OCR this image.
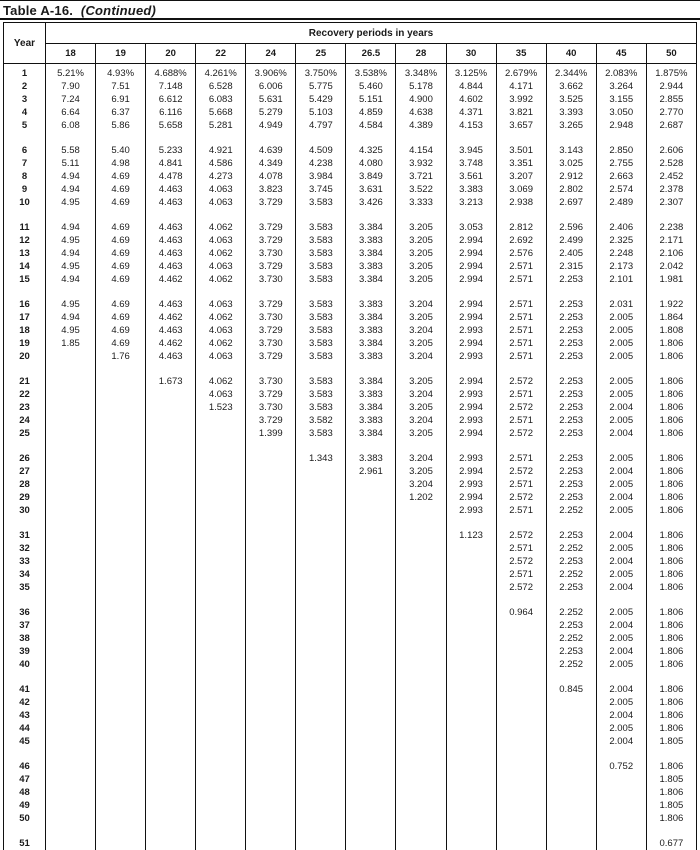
Table A-16. (Continued)
Year	Recovery periods in years												
	18	19	20	22	24	25	26.5	28	30	35	40	45	50

1	5.21%	4.93%	4.688%	4.261%	3.906%	3.750%	3.538%	3.348%	3.125%	2.679%	2.344%	2.083%	1.875%
2	7.90	7.51	7.148	6.528	6.006	5.775	5.460	5.178	4.844	4.171	3.662	3.264	2.944
3	7.24	6.91	6.612	6.083	5.631	5.429	5.151	4.900	4.602	3.992	3.525	3.155	2.855
4	6.64	6.37	6.116	5.668	5.279	5.103	4.859	4.638	4.371	3.821	3.393	3.050	2.770
5	6.08	5.86	5.658	5.281	4.949	4.797	4.584	4.389	4.153	3.657	3.265	2.948	2.687

6	5.58	5.40	5.233	4.921	4.639	4.509	4.325	4.154	3.945	3.501	3.143	2.850	2.606
7	5.11	4.98	4.841	4.586	4.349	4.238	4.080	3.932	3.748	3.351	3.025	2.755	2.528
8	4.94	4.69	4.478	4.273	4.078	3.984	3.849	3.721	3.561	3.207	2.912	2.663	2.452
9	4.94	4.69	4.463	4.063	3.823	3.745	3.631	3.522	3.383	3.069	2.802	2.574	2.378
10	4.95	4.69	4.463	4.063	3.729	3.583	3.426	3.333	3.213	2.938	2.697	2.489	2.307

11	4.94	4.69	4.463	4.062	3.729	3.583	3.384	3.205	3.053	2.812	2.596	2.406	2.238
12	4.95	4.69	4.463	4.063	3.729	3.583	3.383	3.205	2.994	2.692	2.499	2.325	2.171
13	4.94	4.69	4.463	4.062	3.730	3.583	3.384	3.205	2.994	2.576	2.405	2.248	2.106
14	4.95	4.69	4.463	4.063	3.729	3.583	3.383	3.205	2.994	2.571	2.315	2.173	2.042
15	4.94	4.69	4.462	4.062	3.730	3.583	3.384	3.205	2.994	2.571	2.253	2.101	1.981

16	4.95	4.69	4.463	4.063	3.729	3.583	3.383	3.204	2.994	2.571	2.253	2.031	1.922
17	4.94	4.69	4.462	4.062	3.730	3.583	3.384	3.205	2.994	2.571	2.253	2.005	1.864
18	4.95	4.69	4.463	4.063	3.729	3.583	3.383	3.204	2.993	2.571	2.253	2.005	1.808
19	1.85	4.69	4.462	4.062	3.730	3.583	3.384	3.205	2.994	2.571	2.253	2.005	1.806
20		1.76	4.463	4.063	3.729	3.583	3.383	3.204	2.993	2.571	2.253	2.005	1.806

21			1.673	4.062	3.730	3.583	3.384	3.205	2.994	2.572	2.253	2.005	1.806
22				4.063	3.729	3.583	3.383	3.204	2.993	2.571	2.253	2.005	1.806
23				1.523	3.730	3.583	3.384	3.205	2.994	2.572	2.253	2.004	1.806
24					3.729	3.582	3.383	3.204	2.993	2.571	2.253	2.005	1.806
25					1.399	3.583	3.384	3.205	2.994	2.572	2.253	2.004	1.806

26						1.343	3.383	3.204	2.993	2.571	2.253	2.005	1.806
27							2.961	3.205	2.994	2.572	2.253	2.004	1.806
28								3.204	2.993	2.571	2.253	2.005	1.806
29								1.202	2.994	2.572	2.253	2.004	1.806
30									2.993	2.571	2.252	2.005	1.806

31									1.123	2.572	2.253	2.004	1.806
32										2.571	2.252	2.005	1.806
33										2.572	2.253	2.004	1.806
34										2.571	2.252	2.005	1.806
35										2.572	2.253	2.004	1.806

36										0.964	2.252	2.005	1.806
37											2.253	2.004	1.806
38											2.252	2.005	1.806
39											2.253	2.004	1.806
40											2.252	2.005	1.806

41											0.845	2.004	1.806
42												2.005	1.806
43												2.004	1.806
44												2.005	1.806
45												2.004	1.805

46												0.752	1.806
47													1.805
48													1.806
49													1.805
50													1.806

51													0.677
